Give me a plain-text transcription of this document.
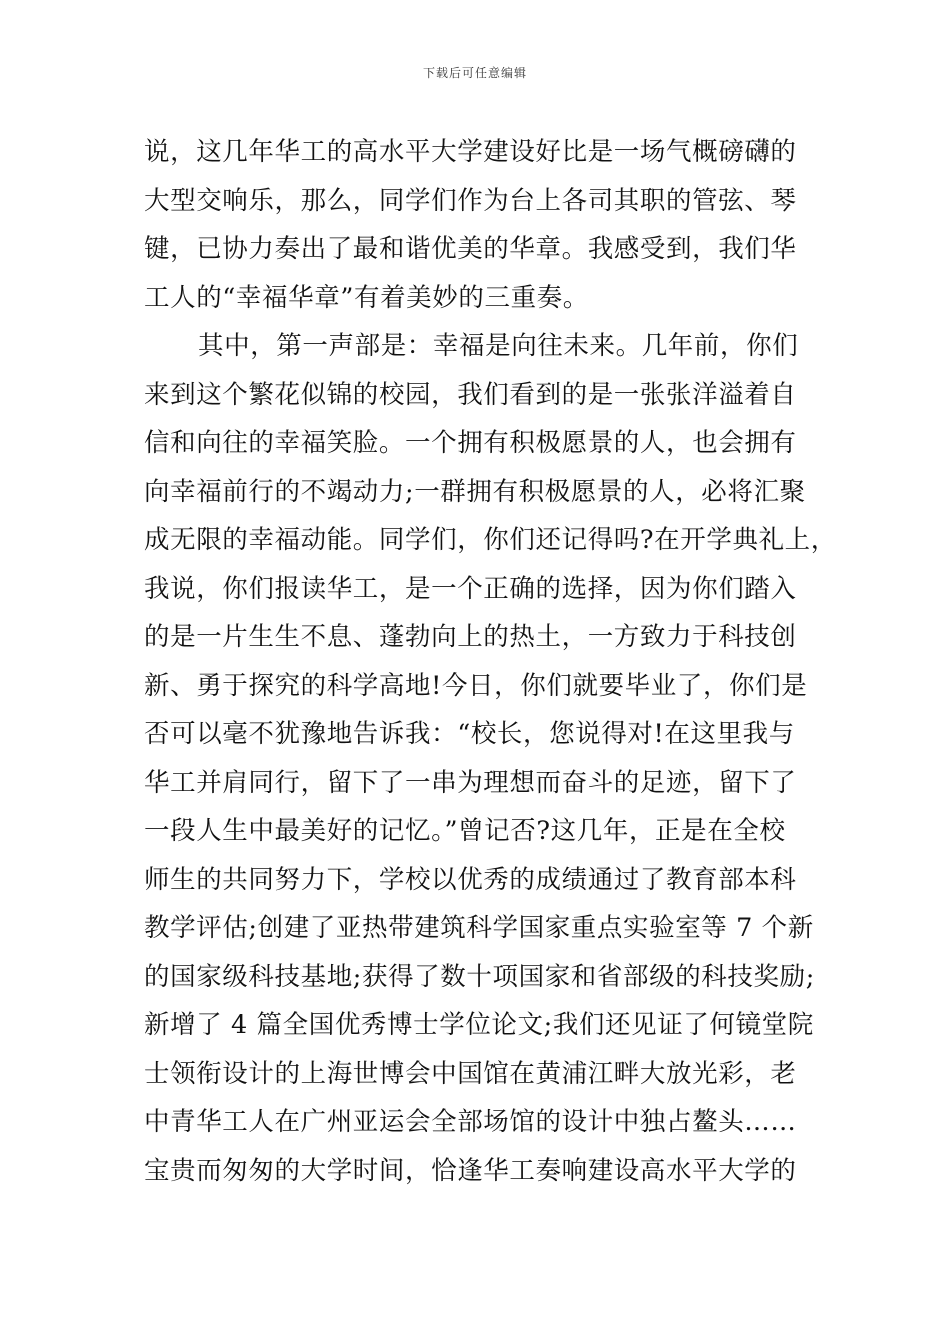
下载后可任意编辑
说，这几年华工的高水平大学建设好比是一场气概磅礴的
大型交响乐，那么，同学们作为台上各司其职的管弦、琴
键，已协力奏出了最和谐优美的华章。我感受到，我们华
工人的“幸福华章”有着美妙的三重奏。
其中，第一声部是：幸福是向往未来。几年前，你们
来到这个繁花似锦的校园，我们看到的是一张张洋溢着自
信和向往的幸福笑脸。一个拥有积极愿景的人，也会拥有
向幸福前行的不竭动力;一群拥有积极愿景的人，必将汇聚
成无限的幸福动能。同学们，你们还记得吗?在开学典礼上，
我说，你们报读华工，是一个正确的选择，因为你们踏入
的是一片生生不息、蓬勃向上的热土，一方致力于科技创
新、勇于探究的科学高地!今日，你们就要毕业了，你们是
否可以毫不犹豫地告诉我：“校长，您说得对!在这里我与
华工并肩同行，留下了一串为理想而奋斗的足迹，留下了
一段人生中最美好的记忆。”曾记否?这几年，正是在全校
师生的共同努力下，学校以优秀的成绩通过了教育部本科
教学评估;创建了亚热带建筑科学国家重点实验室等 7 个新
的国家级科技基地;获得了数十项国家和省部级的科技奖励;
新增了 4 篇全国优秀博士学位论文;我们还见证了何镜堂院
士领衔设计的上海世博会中国馆在黄浦江畔大放光彩，老
中青华工人在广州亚运会全部场馆的设计中独占鳌头……
宝贵而匆匆的大学时间，恰逢华工奏响建设高水平大学的
